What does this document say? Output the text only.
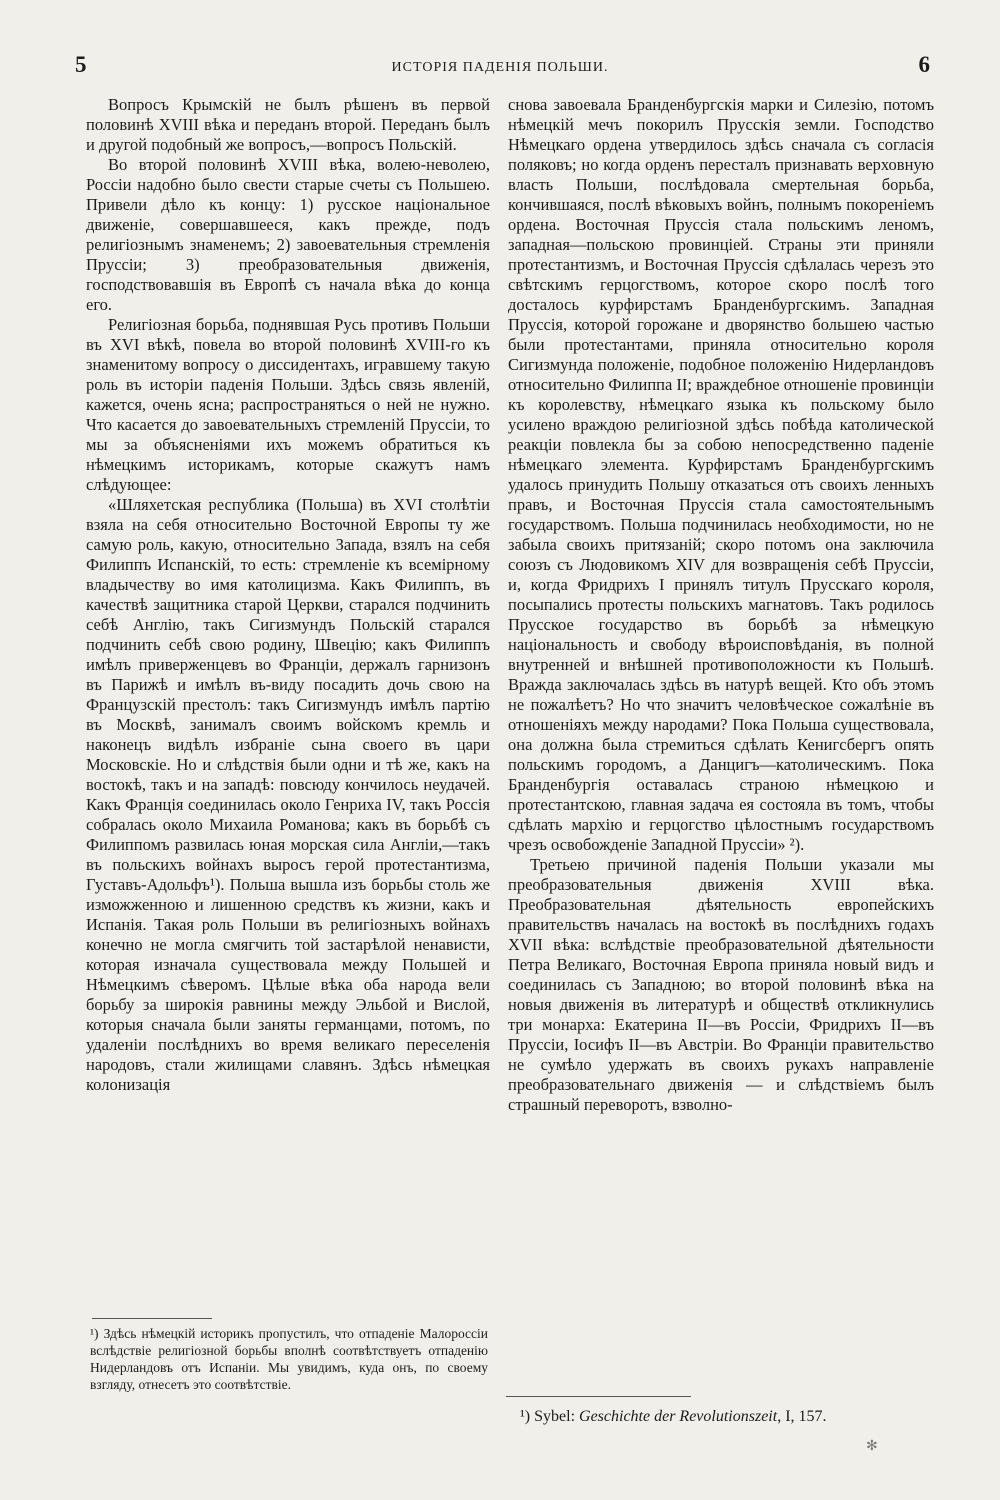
5	ИСТОРІЯ ПАДЕНІЯ ПОЛЬШИ.	6

Вопросъ Крымскій не былъ рѣшенъ въ первой половинѣ XVIII вѣка и переданъ второй. Переданъ былъ и другой подобный же вопросъ,—вопросъ Польскій.

Во второй половинѣ XVIII вѣка, волею-неволею, Россіи надобно было свести старые счеты съ Польшею. Привели дѣло къ концу: 1) русское національное движеніе, совершавшееся, какъ прежде, подъ религіознымъ знаменемъ; 2) завоевательныя стремленія Пруссіи; 3) преобразовательныя движенія, господствовавшія въ Европѣ съ начала вѣка до конца его.

Религіозная борьба, поднявшая Русь противъ Польши въ XVI вѣкѣ, повела во второй половинѣ XVIII-го къ знаменитому вопросу о диссидентахъ, игравшему такую роль въ исторіи паденія Польши. Здѣсь связь явленій, кажется, очень ясна; распространяться о ней не нужно. Что касается до завоевательныхъ стремленій Пруссіи, то мы за объясненіями ихъ можемъ обратиться къ нѣмецкимъ историкамъ, которые скажутъ намъ слѣдующее:

«Шляхетская республика (Польша) въ XVI столѣтіи взяла на себя относительно Восточной Европы ту же самую роль, какую, относительно Запада, взялъ на себя Филиппъ Испанскій, то есть: стремленіе къ всемірному владычеству во имя католицизма. Какъ Филиппъ, въ качествѣ защитника старой Церкви, старался подчинить себѣ Англію, такъ Сигизмундъ Польскій старался подчинить себѣ свою родину, Швецію; какъ Филиппъ имѣлъ приверженцевъ во Франціи, держалъ гарнизонъ въ Парижѣ и имѣлъ въ-виду посадить дочь свою на Французскій престолъ: такъ Сигизмундъ имѣлъ партію въ Москвѣ, занималъ своимъ войскомъ кремль и наконецъ видѣлъ избраніе сына своего въ цари Московскіе. Но и слѣдствія были одни и тѣ же, какъ на востокѣ, такъ и на западѣ: повсюду кончилось неудачей. Какъ Франція соединилась около Генриха IV, такъ Россія собралась около Михаила Романова; какъ въ борьбѣ съ Филиппомъ развилась юная морская сила Англіи,—такъ въ польскихъ войнахъ выросъ герой протестантизма, Густавъ-Адольфъ¹). Польша вышла изъ борьбы столь же изможженною и лишенною средствъ къ жизни, какъ и Испанія. Такая роль Польши въ религіозныхъ войнахъ конечно не могла смягчить той застарѣлой ненависти, которая изначала существовала между Польшей и Нѣмецкимъ сѣверомъ. Цѣлые вѣка оба народа вели борьбу за широкія равнины между Эльбой и Вислой, которыя сначала были заняты германцами, потомъ, по удаленіи послѣднихъ во время великаго переселенія народовъ, стали жилищами славянъ. Здѣсь нѣмецкая колонизація

снова завоевала Бранденбургскія марки и Силезію, потомъ нѣмецкій мечъ покорилъ Прусскія земли. Господство Нѣмецкаго ордена утвердилось здѣсь сначала съ согласія поляковъ; но когда орденъ пересталъ признавать верховную власть Польши, послѣдовала смертельная борьба, кончившаяся, послѣ вѣковыхъ войнъ, полнымъ покореніемъ ордена. Восточная Пруссія стала польскимъ леномъ, западная—польскою провинціей. Страны эти приняли протестантизмъ, и Восточная Пруссія сдѣлалась черезъ это свѣтскимъ герцогствомъ, которое скоро послѣ того досталось курфирстамъ Бранденбургскимъ. Западная Пруссія, которой горожане и дворянство большею частью были протестантами, приняла относительно короля Сигизмунда положеніе, подобное положенію Нидерландовъ относительно Филиппа II; враждебное отношеніе провинціи къ королевству, нѣмецкаго языка къ польскому было усилено враждою религіозной здѣсь побѣда католической реакціи повлекла бы за собою непосредственно паденіе нѣмецкаго элемента. Курфирстамъ Бранденбургскимъ удалось принудить Польшу отказаться отъ своихъ ленныхъ правъ, и Восточная Пруссія стала самостоятельнымъ государствомъ. Польша подчинилась необходимости, но не забыла своихъ притязаній; скоро потомъ она заключила союзъ съ Людовикомъ XIV для возвращенія себѣ Пруссіи, и, когда Фридрихъ I принялъ титулъ Прусскаго короля, посыпались протесты польскихъ магнатовъ. Такъ родилось Прусское государство въ борьбѣ за нѣмецкую національность и свободу вѣроисповѣданія, въ полной внутренней и внѣшней противоположности къ Польшѣ. Вражда заключалась здѣсь въ натурѣ вещей. Кто объ этомъ не пожалѣетъ? Но что значитъ человѣческое сожалѣніе въ отношеніяхъ между народами? Пока Польша существовала, она должна была стремиться сдѣлать Кенигсбергъ опять польскимъ городомъ, а Данцигъ—католическимъ. Пока Бранденбургія оставалась страною нѣмецкою и протестантскою, главная задача ея состояла въ томъ, чтобы сдѣлать мархію и герцогство цѣлостнымъ государствомъ чрезъ освобожденіе Западной Пруссіи» ²).

Третьею причиной паденія Польши указали мы преобразовательныя движенія XVIII вѣка. Преобразовательная дѣятельность европейскихъ правительствъ началась на востокѣ въ послѣднихъ годахъ XVII вѣка: вслѣдствіе преобразовательной дѣятельности Петра Великаго, Восточная Европа приняла новый видъ и соединилась съ Западною; во второй половинѣ вѣка на новыя движенія въ литературѣ и обществѣ откликнулись три монарха: Екатерина II—въ Россіи, Фридрихъ II—въ Пруссіи, Іосифъ II—въ Австріи. Во Франціи правительство не сумѣло удержать въ своихъ рукахъ направленіе преобразовательнаго движенія — и слѣдствіемъ былъ страшный переворотъ, взволно-

¹) Здѣсь нѣмецкій историкъ пропустилъ, что отпаденіе Малороссіи вслѣдствіе религіозной борьбы вполнѣ соотвѣтствуетъ отпаденію Нидерландовъ отъ Испаніи. Мы увидимъ, куда онъ, по своему взгляду, отнесетъ это соотвѣтствіе.
¹) Sybel: Geschichte der Revolutionszeit, I, 157.
✻
